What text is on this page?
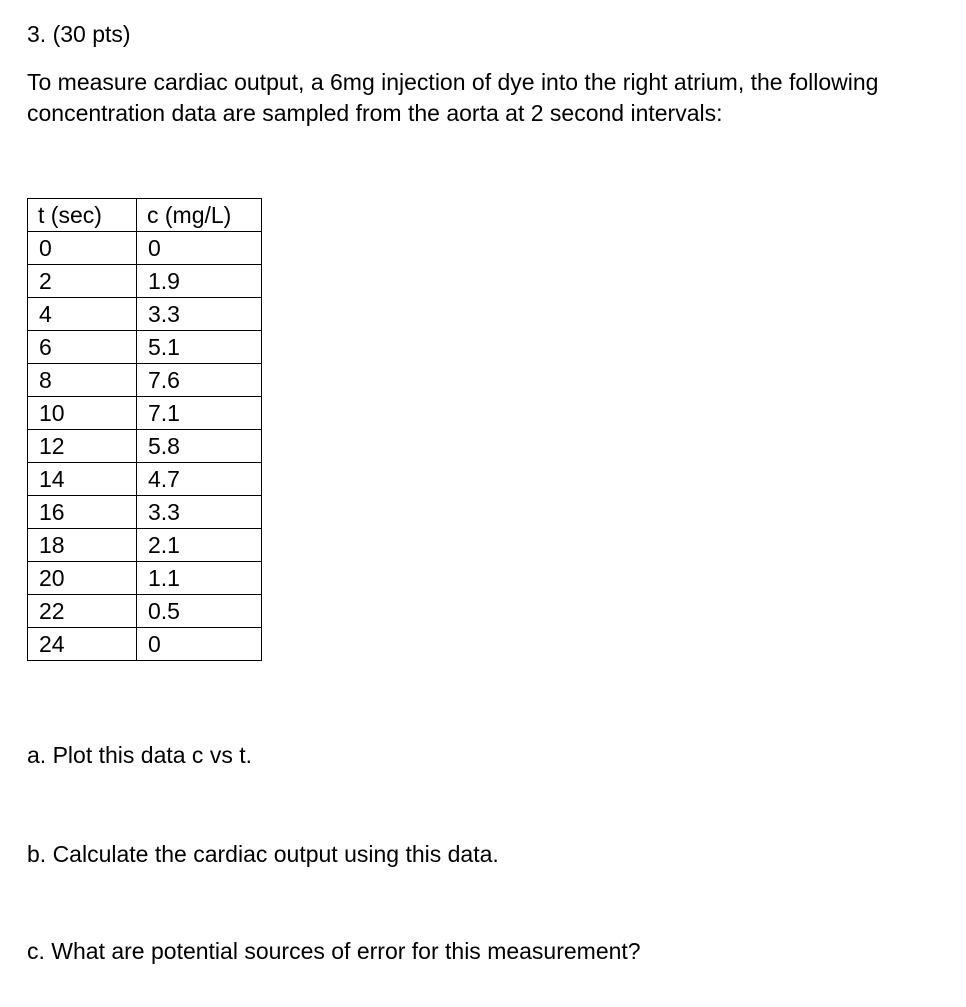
3. (30 pts)
To measure cardiac output, a 6mg injection of dye into the right atrium, the following
concentration data are sampled from the aorta at 2 second intervals:
t (sec)	c (mg/L)
0	0
2	1.9
4	3.3
6	5.1
8	7.6
10	7.1
12	5.8
14	4.7
16	3.3
18	2.1
20	1.1
22	0.5
24	0
a. Plot this data c vs t.
b. Calculate the cardiac output using this data.
c. What are potential sources of error for this measurement?
